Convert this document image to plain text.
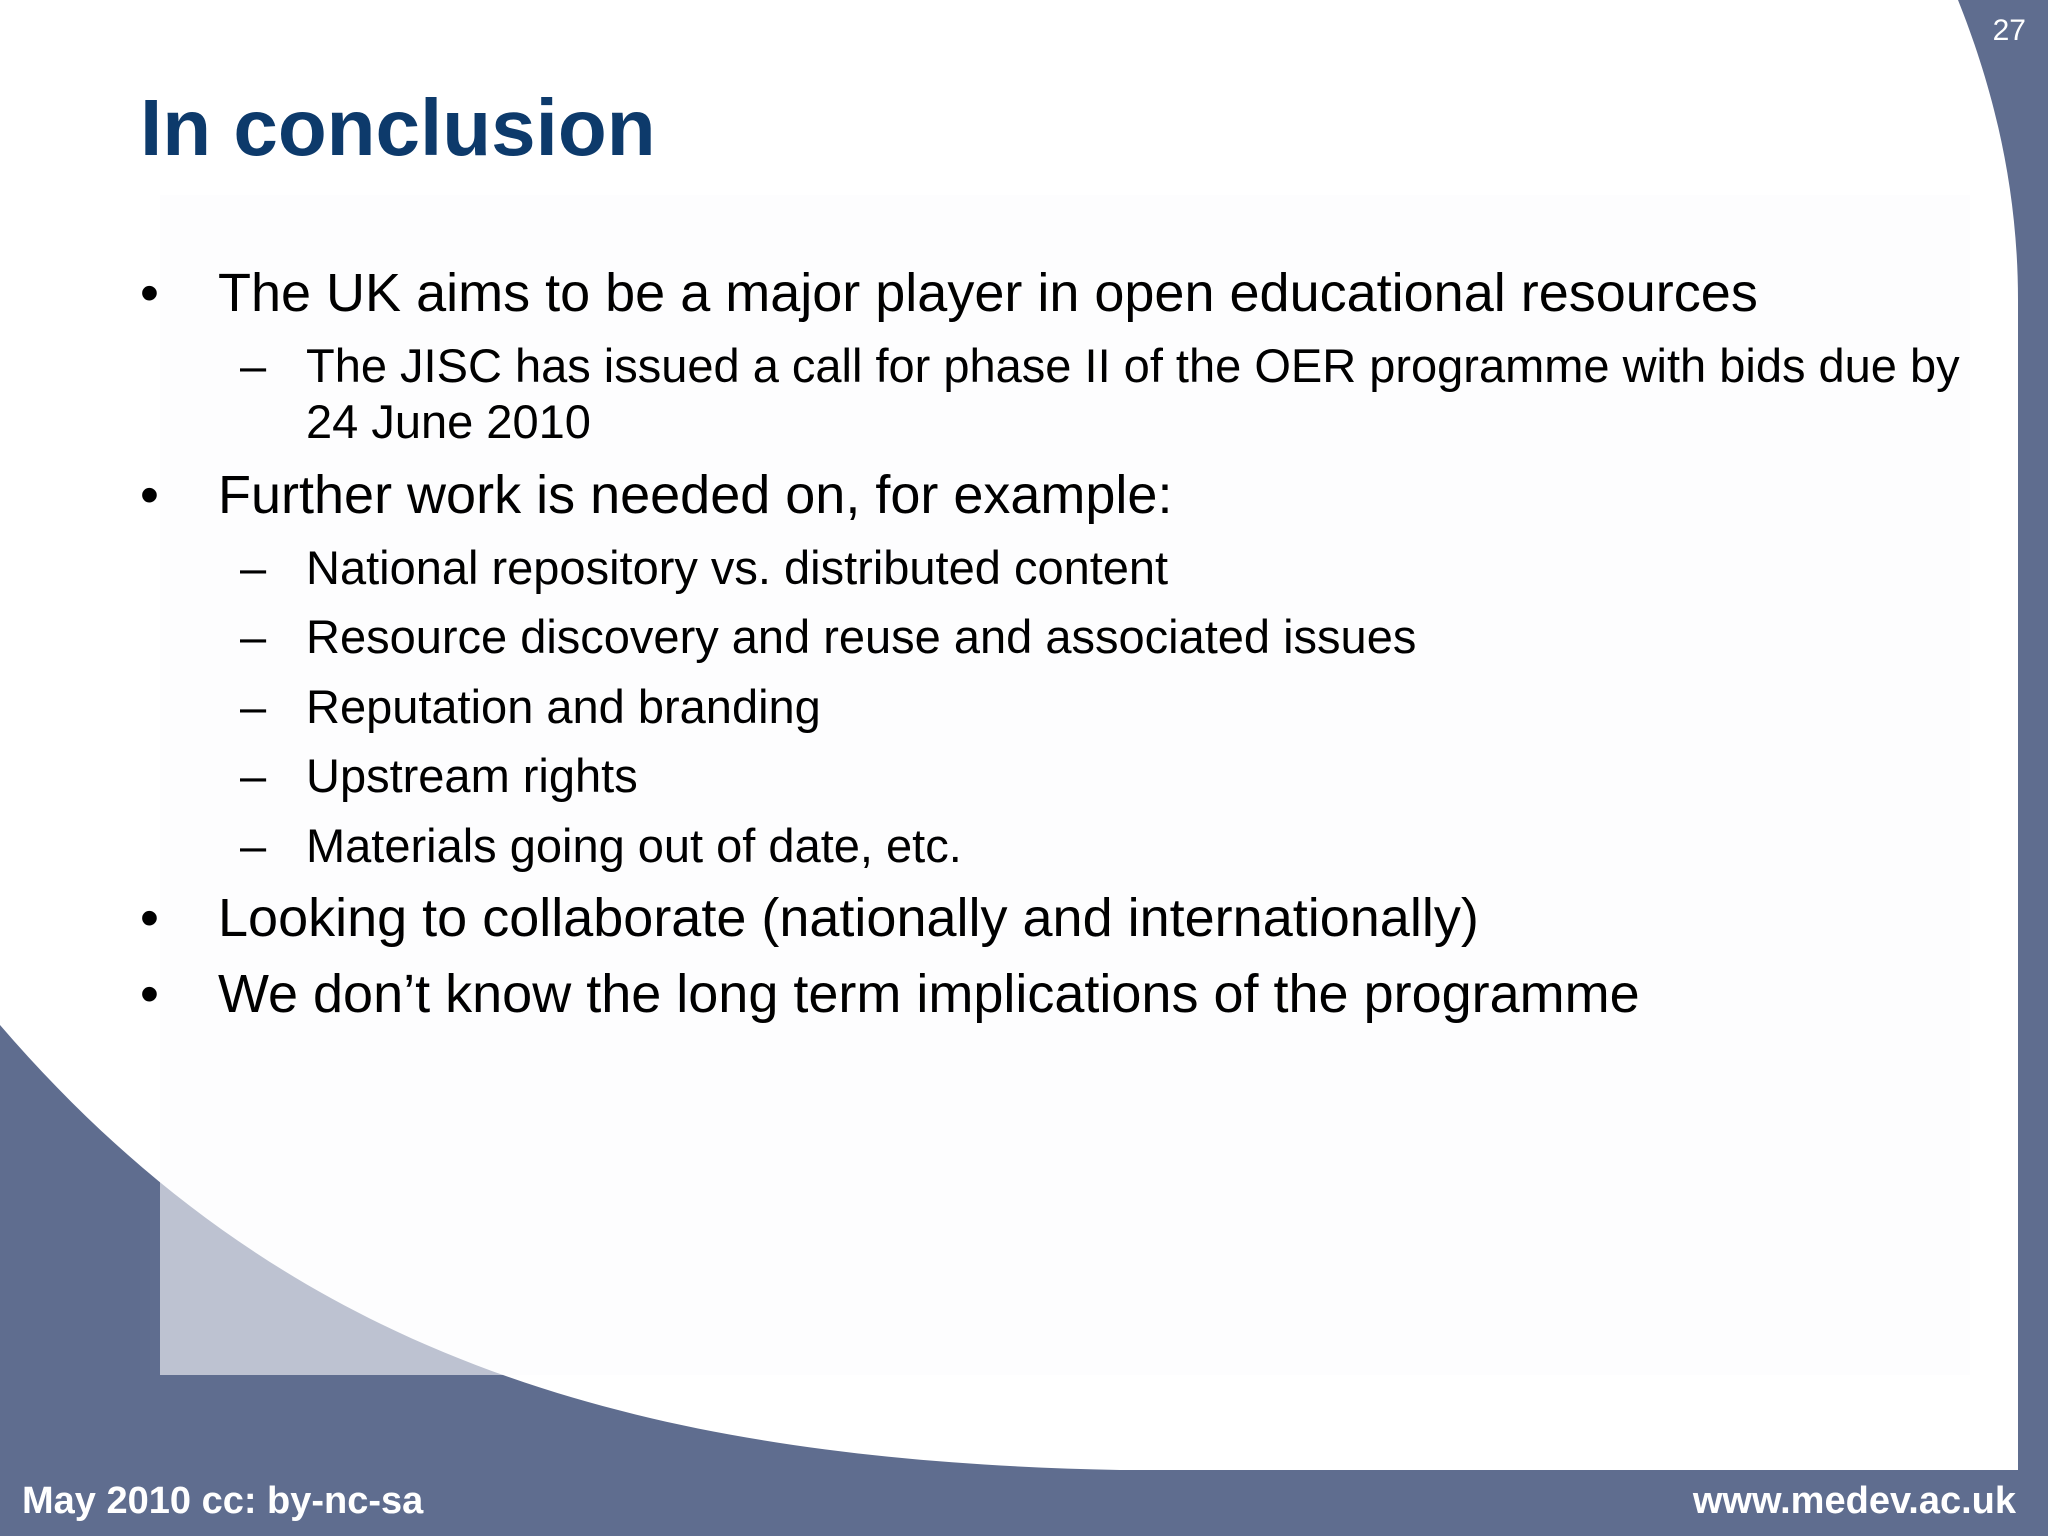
27
In conclusion
• The UK aims to be a major player in open educational resources
– The JISC has issued a call for phase II of the OER programme with bids due by 24 June 2010
• Further work is needed on, for example:
– National repository vs. distributed content
– Resource discovery and reuse and associated issues
– Reputation and branding
– Upstream rights
– Materials going out of date, etc.
• Looking to collaborate (nationally and internationally)
• We don’t know the long term implications of the programme
May 2010 cc: by-nc-sa	www.medev.ac.uk
